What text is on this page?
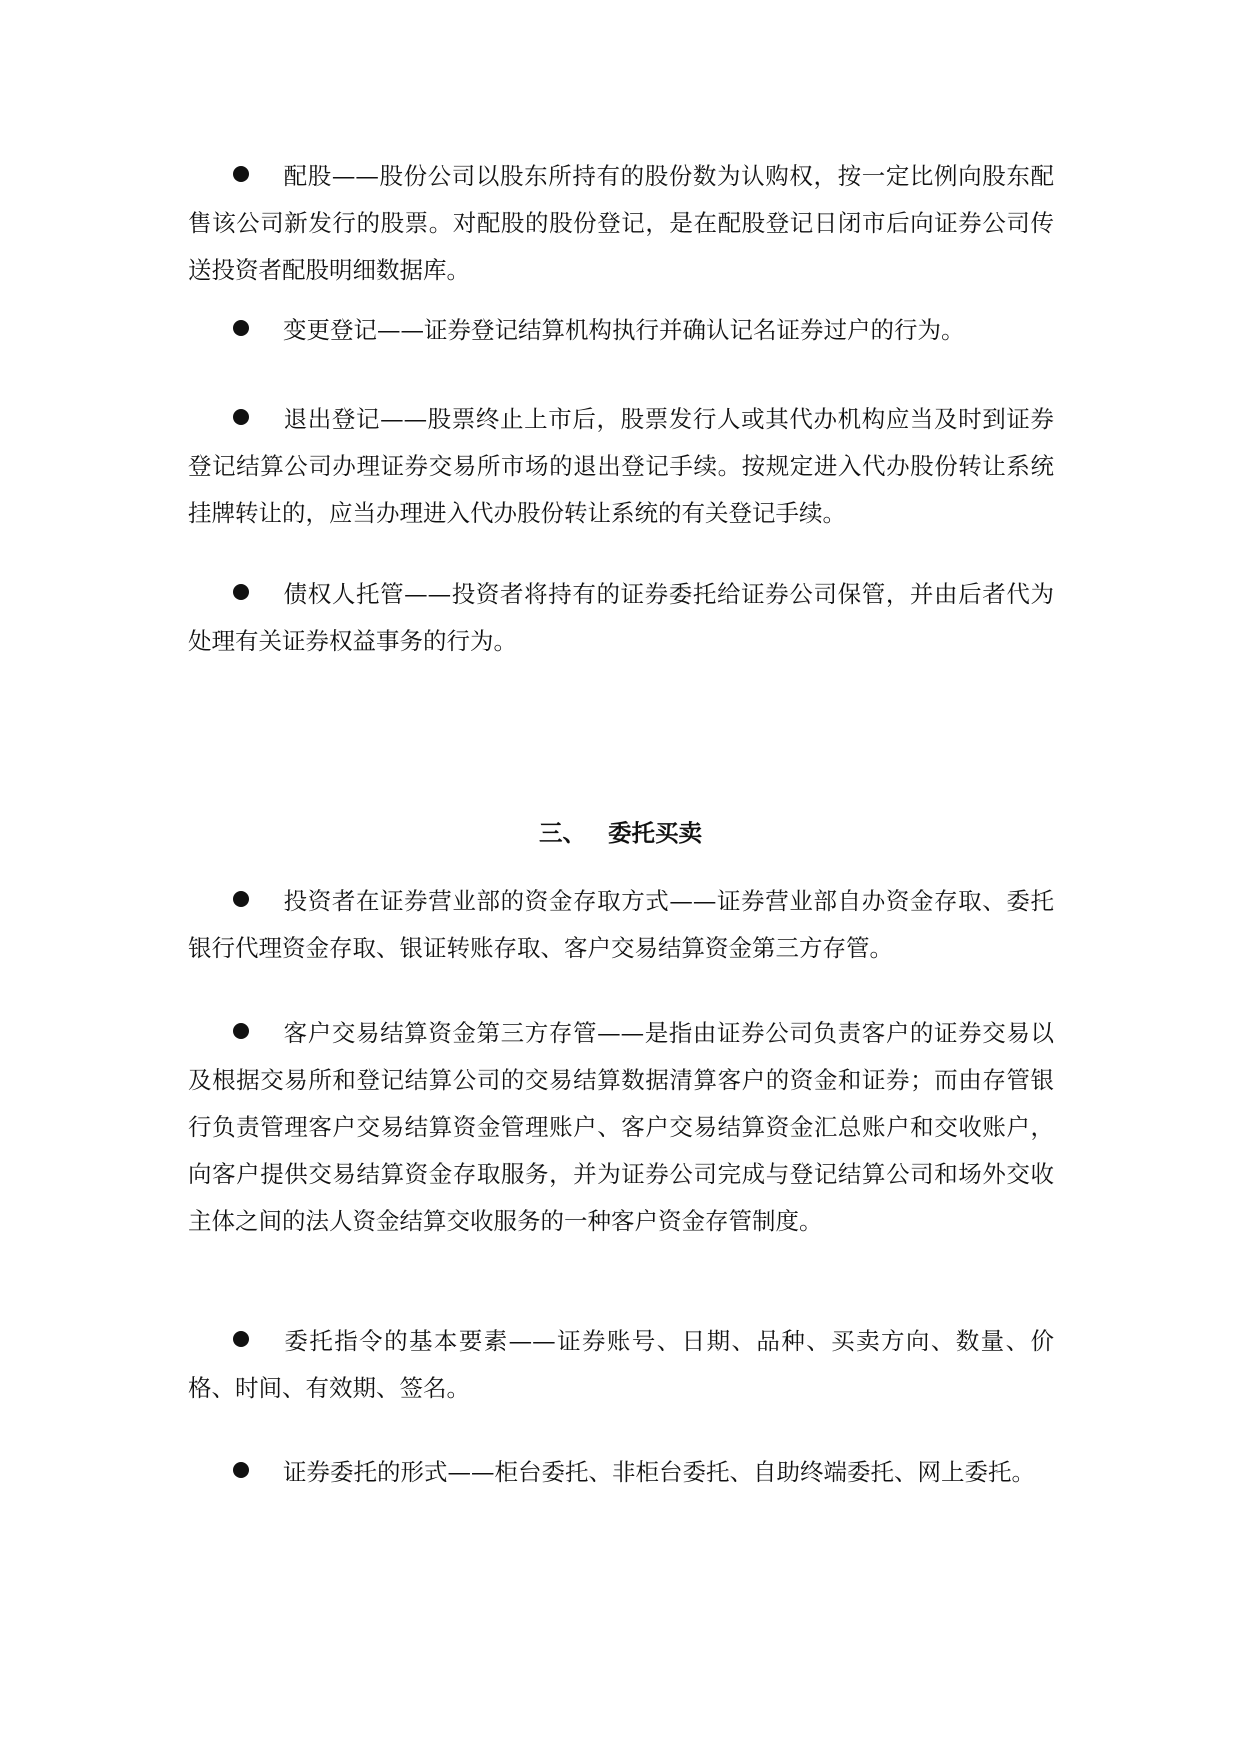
配股——股份公司以股东所持有的股份数为认购权，按一定比例向股东配售该公司新发行的股票。对配股的股份登记，是在配股登记日闭市后向证券公司传送投资者配股明细数据库。

变更登记——证券登记结算机构执行并确认记名证券过户的行为。

退出登记——股票终止上市后，股票发行人或其代办机构应当及时到证券登记结算公司办理证券交易所市场的退出登记手续。按规定进入代办股份转让系统挂牌转让的，应当办理进入代办股份转让系统的有关登记手续。

债权人托管——投资者将持有的证券委托给证券公司保管，并由后者代为处理有关证券权益事务的行为。

三、 委托买卖

投资者在证券营业部的资金存取方式——证券营业部自办资金存取、委托银行代理资金存取、银证转账存取、客户交易结算资金第三方存管。

客户交易结算资金第三方存管——是指由证券公司负责客户的证券交易以及根据交易所和登记结算公司的交易结算数据清算客户的资金和证券；而由存管银行负责管理客户交易结算资金管理账户、客户交易结算资金汇总账户和交收账户，向客户提供交易结算资金存取服务，并为证券公司完成与登记结算公司和场外交收主体之间的法人资金结算交收服务的一种客户资金存管制度。

委托指令的基本要素——证券账号、日期、品种、买卖方向、数量、价格、时间、有效期、签名。

证券委托的形式——柜台委托、非柜台委托、自助终端委托、网上委托。
